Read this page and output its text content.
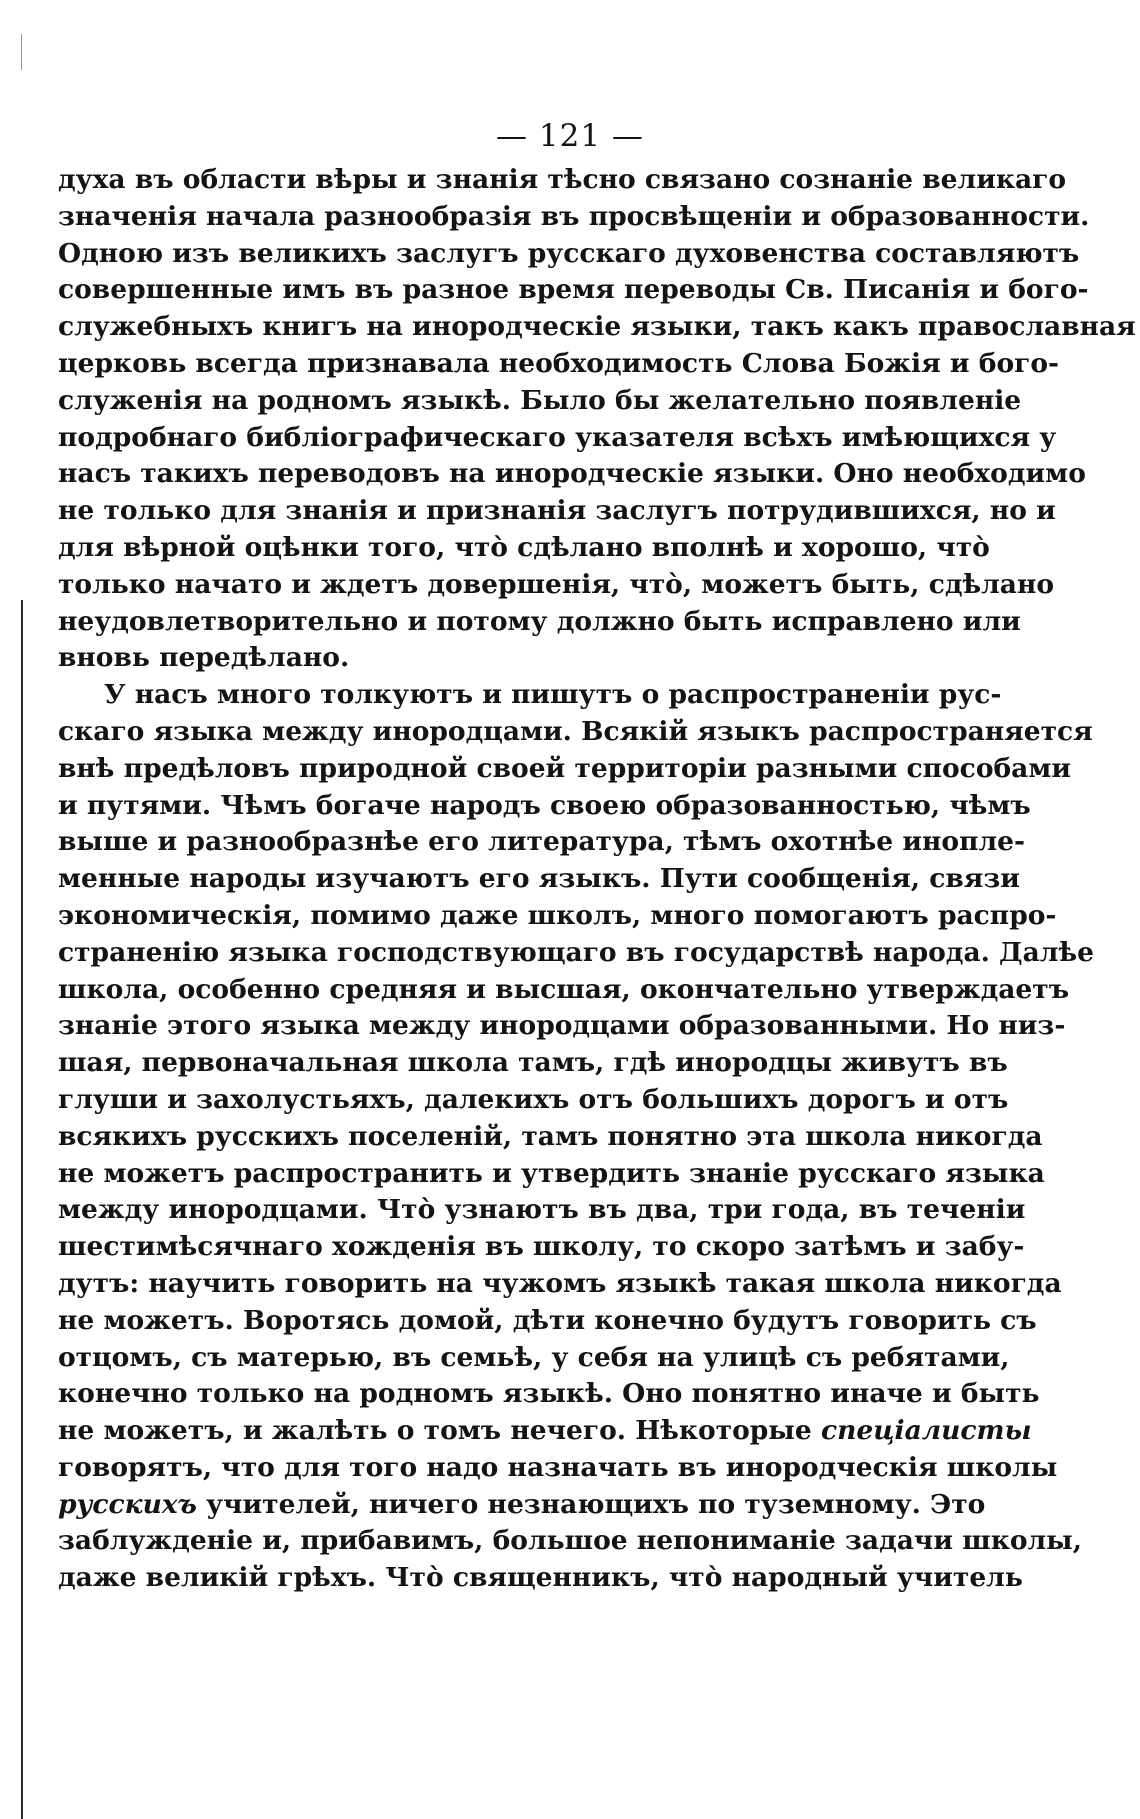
— 121 —
духа въ области вѣры и знанія тѣсно связано сознаніе великаго
значенія начала разнообразія въ просвѣщеніи и образованности.
Одною изъ великихъ заслугъ русскаго духовенства составляютъ
совершенные имъ въ разное время переводы Св. Писанія и бого-
служебныхъ книгъ на инородческіе языки, такъ какъ православная
церковь всегда признавала необходимость Слова Божія и бого-
служенія на родномъ языкѣ. Было бы желательно появленіе
подробнаго библіографическаго указателя всѣхъ имѣющихся у
насъ такихъ переводовъ на инородческіе языки. Оно необходимо
не только для знанія и признанія заслугъ потрудившихся, но и
для вѣрной оцѣнки того, что̀ сдѣлано вполнѣ и хорошо, что̀
только начато и ждетъ довершенія, что̀, можетъ быть, сдѣлано
неудовлетворительно и потому должно быть исправлено или
вновь передѣлано.
У насъ много толкуютъ и пишутъ о распространеніи рус-
скаго языка между инородцами. Всякій языкъ распространяется
внѣ предѣловъ природной своей территоріи разными способами
и путями. Чѣмъ богаче народъ своею образованностью, чѣмъ
выше и разнообразнѣе его литература, тѣмъ охотнѣе инопле-
менные народы изучаютъ его языкъ. Пути сообщенія, связи
экономическія, помимо даже школъ, много помогаютъ распро-
страненію языка господствующаго въ государствѣ народа. Далѣе
школа, особенно средняя и высшая, окончательно утверждаетъ
знаніе этого языка между инородцами образованными. Но низ-
шая, первоначальная школа тамъ, гдѣ инородцы живутъ въ
глуши и захолустьяхъ, далекихъ отъ большихъ дорогъ и отъ
всякихъ русскихъ поселеній, тамъ понятно эта школа никогда
не можетъ распространить и утвердить знаніе русскаго языка
между инородцами. Что̀ узнаютъ въ два, три года, въ теченіи
шестимѣсячнаго хожденія въ школу, то скоро затѣмъ и забу-
дутъ: научить говорить на чужомъ языкѣ такая школа никогда
не можетъ. Воротясь домой, дѣти конечно будутъ говорить съ
отцомъ, съ матерью, въ семьѣ, у себя на улицѣ съ ребятами,
конечно только на родномъ языкѣ. Оно понятно иначе и быть
не можетъ, и жалѣть о томъ нечего. Нѣкоторые спеціалисты
говорятъ, что для того надо назначать въ инородческія школы
русскихъ учителей, ничего незнающихъ по туземному. Это
заблужденіе и, прибавимъ, большое непониманіе задачи школы,
даже великій грѣхъ. Что̀ священникъ, что̀ народный учитель
